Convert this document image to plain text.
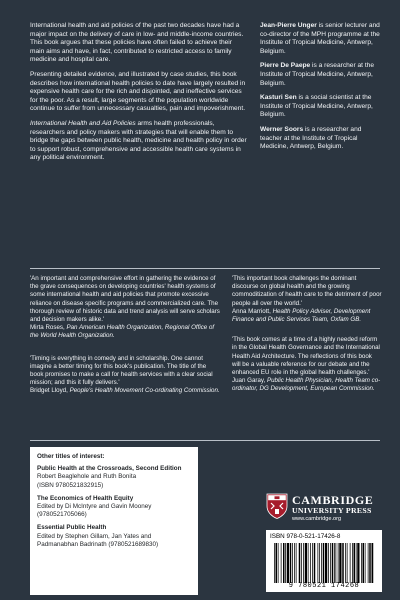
International health and aid policies of the past two decades have had a major impact on the delivery of care in low- and middle-income countries. This book argues that these policies have often failed to achieve their main aims and have, in fact, contributed to restricted access to family medicine and hospital care.

Presenting detailed evidence, and illustrated by case studies, this book describes how international health policies to date have largely resulted in expensive health care for the rich and disjointed, and ineffective services for the poor. As a result, large segments of the population worldwide continue to suffer from unnecessary casualties, pain and impoverishment.

International Health and Aid Policies arms health professionals, researchers and policy makers with strategies that will enable them to bridge the gaps between public health, medicine and health policy in order to support robust, comprehensive and accessible health care systems in any political environment.

Jean-Pierre Unger is senior lecturer and co-director of the MPH programme at the Institute of Tropical Medicine, Antwerp, Belgium.

Pierre De Paepe is a researcher at the Institute of Tropical Medicine, Antwerp, Belgium.

Kasturi Sen is a social scientist at the Institute of Tropical Medicine, Antwerp, Belgium.

Werner Soors is a researcher and teacher at the Institute of Tropical Medicine, Antwerp, Belgium.

'An important and comprehensive effort in gathering the evidence of the grave consequences on developing countries' health systems of some international health and aid policies that promote excessive reliance on disease specific programs and commercialized care. The thorough review of historic data and trend analysis will serve scholars and decision makers alike.'
Mirta Roses, Pan American Health Organization, Regional Office of the World Health Organization.
'Timing is everything in comedy and in scholarship. One cannot imagine a better timing for this book's publication. The title of the book promises to make a call for health services with a clear social mission; and this it fully delivers.'
Bridget Lloyd, People's Health Movement Co-ordinating Commission.
'This important book challenges the dominant discourse on global health and the growing commoditization of health care to the detriment of poor people all over the world.'
Anna Marriott, Health Policy Adviser, Development Finance and Public Services Team, Oxfam GB.
'This book comes at a time of a highly needed reform in the Global Health Governance and the International Health Aid Architecture. The reflections of this book will be a valuable reference for our debate and the enhanced EU role in the global health challenges.'
Juan Garay, Public Health Physician, Health Team co-ordinator, DG Development, European Commission.
Other titles of interest:
Public Health at the Crossroads, Second Edition
Robert Beaglehole and Ruth Bonita
(ISBN 9780521832915)
The Economics of Health Equity
Edited by Di McIntyre and Gavin Mooney
(9780521705066)
Essential Public Health
Edited by Stephen Gillam, Jan Yates and
Padmanabhan Badrinath (9780521689830)
CAMBRIDGE
UNIVERSITY PRESS
www.cambridge.org
ISBN 978-0-521-17426-8
9 780521 174268
